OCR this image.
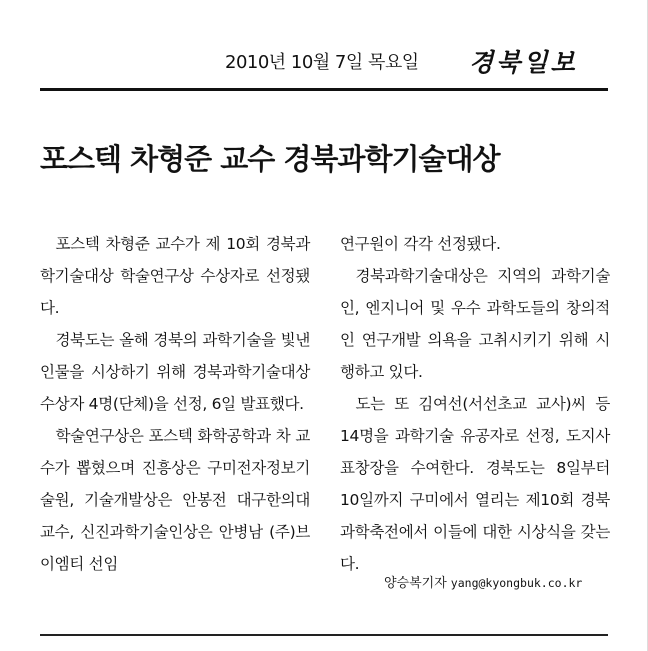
2010년 10월 7일 목요일 경북일보
포스텍 차형준 교수 경북과학기술대상

포스텍 차형준 교수가 제 10회 경북과학기술대상 학술연구상 수상자로 선정됐다.

경북도는 올해 경북의 과학기술을 빛낸 인물을 시상하기 위해 경북과학기술대상 수상자 4명(단체)을 선정, 6일 발표했다.

학술연구상은 포스텍 화학공학과 차 교수가 뽑혔으며 진흥상은 구미전자정보기술원, 기술개발상은 안봉전 대구한의대 교수, 신진과학기술인상은 안병남 (주)브이엠티 선임

연구원이 각각 선정됐다.

경북과학기술대상은 지역의 과학기술인, 엔지니어 및 우수 과학도들의 창의적인 연구개발 의욕을 고취시키기 위해 시행하고 있다.

도는 또 김여선(서선초교 교사)씨 등 14명을 과학기술 유공자로 선정, 도지사 표창장을 수여한다. 경북도는 8일부터 10일까지 구미에서 열리는 제10회 경북과학축전에서 이들에 대한 시상식을 갖는다.

양승복기자 yang@kyongbuk.co.kr
